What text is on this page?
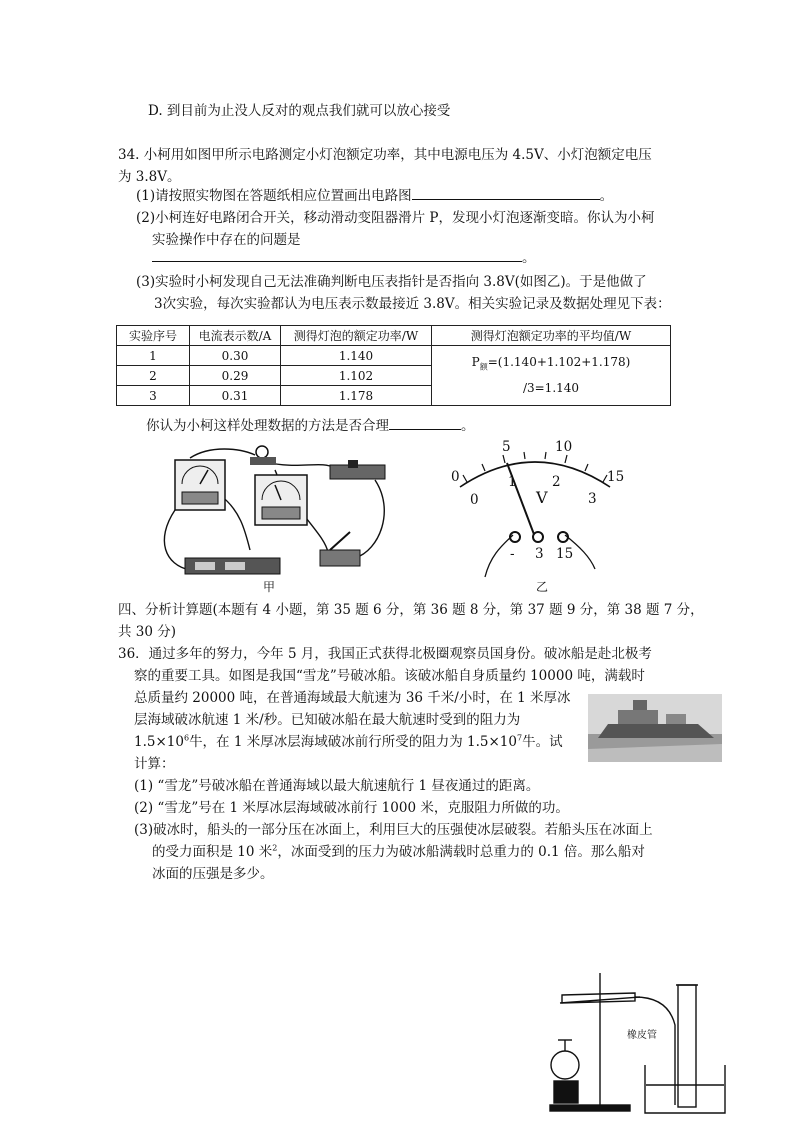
D. 到目前为止没人反对的观点我们就可以放心接受
34. 小柯用如图甲所示电路测定小灯泡额定功率，其中电源电压为 4.5V、小灯泡额定电压
为 3.8V。
(1)请按照实物图在答题纸相应位置画出电路图	。
(2)小柯连好电路闭合开关，移动滑动变阻器滑片 P，发现小灯泡逐渐变暗。你认为小柯
实验操作中存在的问题是
。
(3)实验时小柯发现自己无法准确判断电压表指针是否指向 3.8V(如图乙)。于是他做了
3次实验，每次实验都认为电压表示数最接近 3.8V。相关实验记录及数据处理见下表：
实验序号	电流表示数/A	测得灯泡的额定功率/W	测得灯泡额定功率的平均值/W
1	0.30	1.140	$P_额=(1.140+1.102+1.178)$
/3=1.140

2	0.29	1.102	
3	0.31	1.178	
你认为小柯这样处理数据的方法是否合理	。
甲
0
5	10
15
0
1	2
3
V
- 3 15
乙
四、分析计算题(本题有 4 小题，第 35 题 6 分，第 36 题 8 分，第 37 题 9 分，第 38 题 7 分，
共 30 分)
36．通过多年的努力，今年 5 月，我国正式获得北极圈观察员国身份。破冰船是赴北极考
察的重要工具。如图是我国“雪龙”号破冰船。该破冰船自身质量约 10000 吨，满载时
总质量约 20000 吨，在普通海域最大航速为 36 千米/小时，在 1 米厚冰
层海域破冰航速 1 米/秒。已知破冰船在最大航速时受到的阻力为
$1.5\times 10^6$牛，在 1 米厚冰层海域破冰前行所受的阻力为 $1.5\times 10^7$牛。试
计算：
(1) “雪龙”号破冰船在普通海域以最大航速航行 1 昼夜通过的距离。
(2) “雪龙”号在 1 米厚冰层海域破冰前行 1000 米，克服阻力所做的功。
(3)破冰时，船头的一部分压在冰面上，利用巨大的压强使冰层破裂。若船头压在冰面上
的受力面积是 10 米$^2$，冰面受到的压力为破冰船满载时总重力的 0.1 倍。那么船对
冰面的压强是多少。
橡皮管
